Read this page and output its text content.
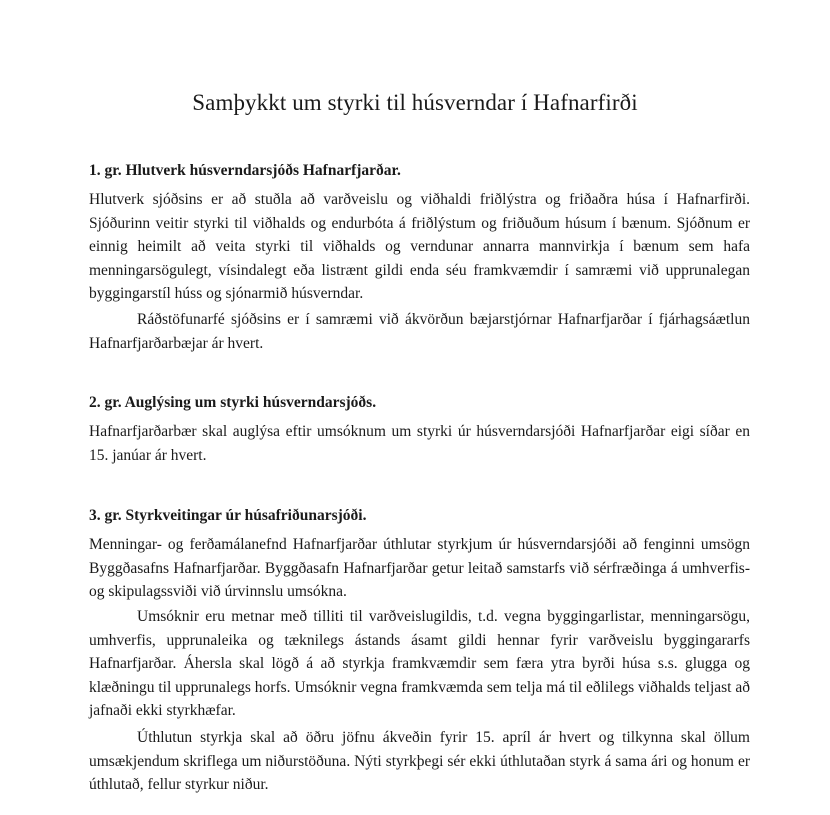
Samþykkt um styrki til húsverndar í Hafnarfirði
1. gr. Hlutverk húsverndarsjóðs Hafnarfjarðar.

Hlutverk sjóðsins er að stuðla að varðveislu og viðhaldi friðlýstra og friðaðra húsa í Hafnarfirði. Sjóðurinn veitir styrki til viðhalds og endurbóta á friðlýstum og friðuðum húsum í bænum. Sjóðnum er einnig heimilt að veita styrki til viðhalds og verndunar annarra mannvirkja í bænum sem hafa menningarsögulegt, vísindalegt eða listrænt gildi enda séu framkvæmdir í samræmi við upprunalegan byggingarstíl húss og sjónarmið húsverndar.

Ráðstöfunarfé sjóðsins er í samræmi við ákvörðun bæjarstjórnar Hafnarfjarðar í fjárhagsáætlun Hafnarfjarðarbæjar ár hvert.

2. gr. Auglýsing um styrki húsverndarsjóðs.

Hafnarfjarðarbær skal auglýsa eftir umsóknum um styrki úr húsverndarsjóði Hafnarfjarðar eigi síðar en 15. janúar ár hvert.

3. gr. Styrkveitingar úr húsafriðunarsjóði.

Menningar- og ferðamálanefnd Hafnarfjarðar úthlutar styrkjum úr húsverndarsjóði að fenginni umsögn Byggðasafns Hafnarfjarðar. Byggðasafn Hafnarfjarðar getur leitað samstarfs við sérfræðinga á umhverfis- og skipulagssviði við úrvinnslu umsókna.

Umsóknir eru metnar með tilliti til varðveislugildis, t.d. vegna byggingarlistar, menningarsögu, umhverfis, upprunaleika og tæknilegs ástands ásamt gildi hennar fyrir varðveislu byggingararfs Hafnarfjarðar. Áhersla skal lögð á að styrkja framkvæmdir sem færa ytra byrði húsa s.s. glugga og klæðningu til upprunalegs horfs. Umsóknir vegna framkvæmda sem telja má til eðlilegs viðhalds teljast að jafnaði ekki styrkhæfar.

Úthlutun styrkja skal að öðru jöfnu ákveðin fyrir 15. apríl ár hvert og tilkynna skal öllum umsækjendum skriflega um niðurstöðuna. Nýti styrkþegi sér ekki úthlutaðan styrk á sama ári og honum er úthlutað, fellur styrkur niður.
